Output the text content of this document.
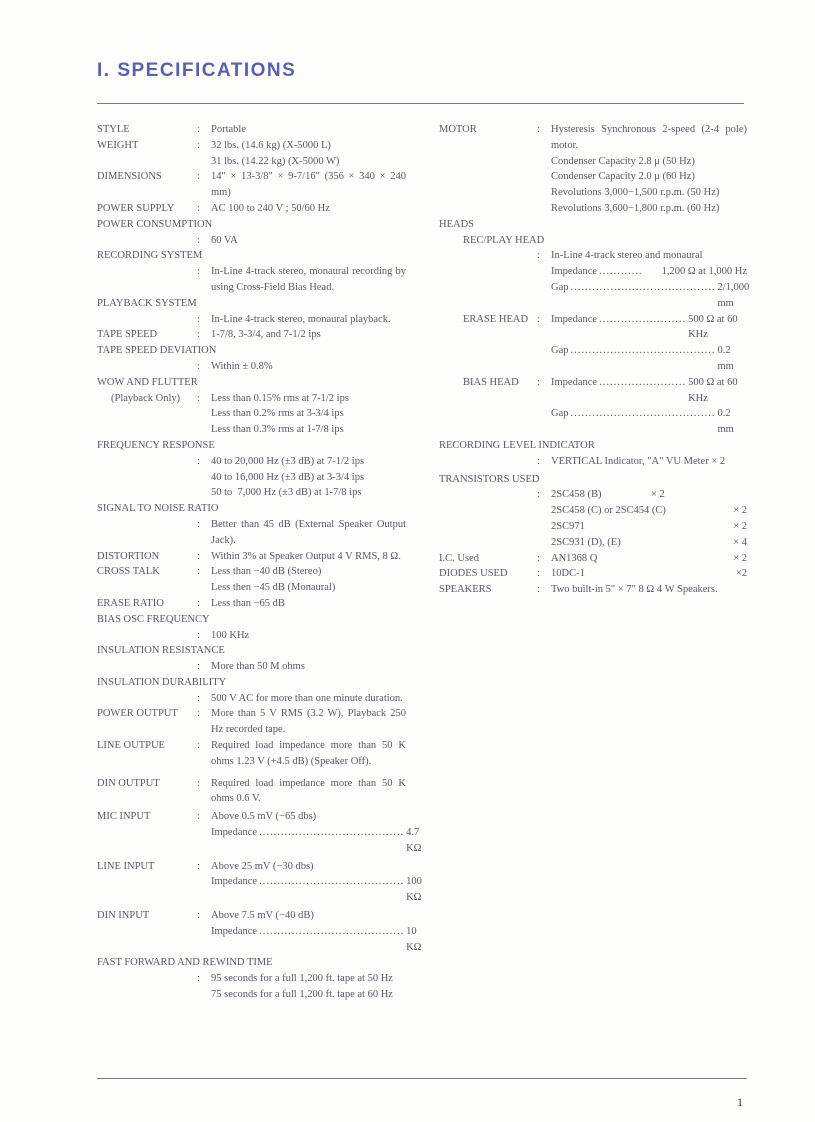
I. SPECIFICATIONS
STYLE	: Portable
WEIGHT	: 32 lbs. (14.6 kg) (X-5000 L)
31 lbs. (14.22 kg) (X-5000 W)
DIMENSIONS	: 14" × 13-3/8" × 9-7/16" (356 × 340 × 240 mm)
POWER SUPPLY : AC 100 to 240 V ; 50/60 Hz
POWER CONSUMPTION
: 60 VA
RECORDING SYSTEM
: In-Line 4-track stereo, monaural recording by using Cross-Field Bias Head.
PLAYBACK SYSTEM
: In-Line 4-track stereo, monaural playback.
TAPE SPEED	: 1-7/8, 3-3/4, and 7-1/2 ips
TAPE SPEED DEVIATION
: Within ± 0.8%
WOW AND FLUTTER
(Playback Only) : Less than 0.15% rms at 7-1/2 ips
Less than 0.2% rms at 3-3/4 ips
Less than 0.3% rms at 1-7/8 ips
FREQUENCY RESPONSE
: 40 to 20,000 Hz (±3 dB) at 7-1/2 ips
40 to 16,000 Hz (±3 dB) at 3-3/4 ips
50 to  7,000 Hz (±3 dB) at 1-7/8 ips
SIGNAL TO NOISE RATIO
: Better than 45 dB (External Speaker Output Jack).
DISTORTION	: Within 3% at Speaker Output 4 V RMS, 8 Ω.
CROSS TALK	: Less than −40 dB (Stereo)
Less then −45 dB (Monaural)
ERASE RATIO	: Less than −65 dB
BIAS OSC FREQUENCY
: 100 KHz
INSULATION RESISTANCE
: More than 50 M ohms
INSULATION DURABILITY
: 500 V AC for more than one minute duration.
POWER OUTPUT : More than 5 V RMS (3.2 W), Playback 250 Hz recorded tape.
LINE OUTPUE	: Required load impedance more than 50 K ohms 1.23 V (+4.5 dB) (Speaker Off).
DIN OUTPUT	: Required load impedance more than 50 K ohms 0.6 V.
MIC INPUT	: Above 0.5 mV (−65 dbs)
Impedance ........................................ 4.7 KΩ
LINE INPUT	: Above 25 mV (−30 dbs)
Impedance ........................................ 100 KΩ
DIN INPUT	: Above 7.5 mV (−40 dB)
Impedance ........................................ 10 KΩ
FAST FORWARD AND REWIND TIME
: 95 seconds for a full 1,200 ft. tape at 50 Hz
75 seconds for a full 1,200 ft. tape at 60 Hz
MOTOR	: Hysteresis Synchronous 2-speed (2-4 pole) motor.
Condenser Capacity 2.8 μ (50 Hz)
Condenser Capacity 2.0 μ (60 Hz)
Revolutions 3,000−1,500 r.p.m. (50 Hz)
Revolutions 3,600−1,800 r.p.m. (60 Hz)
HEADS
REC/PLAY HEAD
: In-Line 4-track stereo and monaural
Impedance ............	1,200 Ω at 1,000 Hz
Gap ........................................ 2/1,000 mm
ERASE HEAD : Impedance ........................ 500 Ω at 60 KHz
Gap ........................................ 0.2 mm
BIAS HEAD : Impedance ........................ 500 Ω at 60 KHz
Gap ........................................ 0.2 mm
RECORDING LEVEL INDICATOR
: VERTICAL Indicator, "A" VU Meter × 2
TRANSISTORS USED
: 2SC458 (B)	× 2
2SC458 (C) or 2SC454 (C)	× 2
2SC971	× 2
2SC931 (D), (E)	× 4
I.C. Used	: AN1368 Q	× 2
DIODES USED	: 10DC-1	×2
SPEAKERS	: Two built-in 5" × 7" 8 Ω 4 W Speakers.
1
